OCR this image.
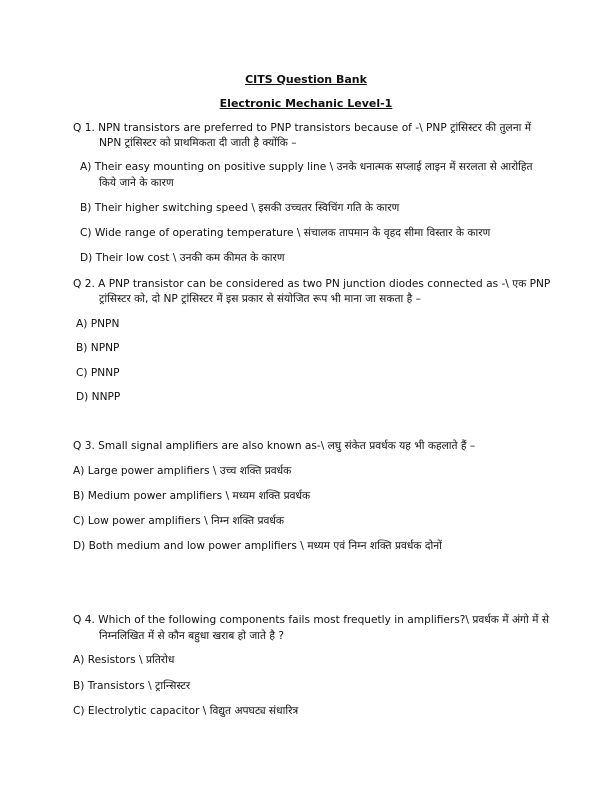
CITS Question Bank
Electronic Mechanic Level-1
Q 1. NPN transistors are preferred to PNP transistors because of -\ PNP ट्रांसिस्टर की तुलना में
NPN ट्रांसिस्टर को प्राथमिकता दी जाती है क्योंकि –
A) Their easy mounting on positive supply line \ उनके धनात्मक सप्लाई लाइन में सरलता से आरोहित
किये जाने के कारण
B) Their higher switching speed \ इसकी उच्चतर स्विचिंग गति के कारण
C) Wide range of operating temperature \ संचालक तापमान के वृहद सीमा विस्तार के कारण
D) Their low cost \ उनकी कम कीमत के कारण
Q 2. A PNP transistor can be considered as two PN junction diodes connected as -\ एक PNP
ट्रांसिस्टर को, दो NP ट्रांसिस्टर में इस प्रकार से संयोजित रूप भी माना जा सकता है –
A) PNPN
B) NPNP
C) PNNP
D) NNPP
Q 3. Small signal amplifiers are also known as-\ लघु संकेत प्रवर्धक यह भी कहलाते हैं –
A) Large power amplifiers \ उच्च शक्ति प्रवर्धक
B) Medium power amplifiers \ मध्यम शक्ति प्रवर्धक
C) Low power amplifiers \ निम्न शक्ति प्रवर्धक
D) Both medium and low power amplifiers \ मध्यम एवं निम्न शक्ति प्रवर्धक दोनों
Q 4. Which of the following components fails most frequetly in amplifiers?\ प्रवर्धक में अंगो में से
निम्नलिखित में से कौन बहुधा खराब हो जाते है ?
A) Resistors \ प्रतिरोध
B) Transistors \ ट्रान्सिस्टर
C) Electrolytic capacitor \ विद्युत अपघट्य संधारित्र
